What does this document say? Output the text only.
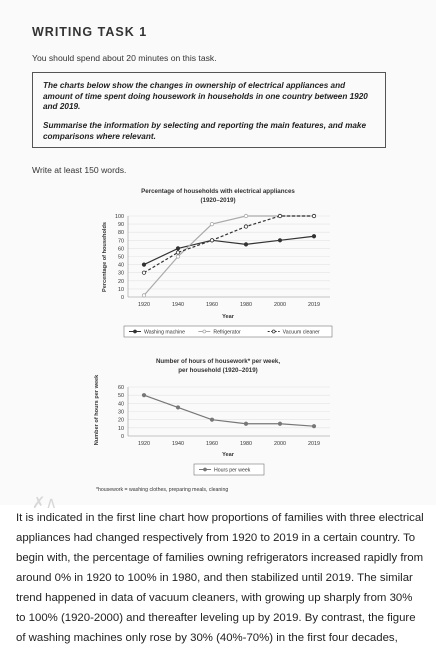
WRITING TASK 1
You should spend about 20 minutes on this task.

The charts below show the changes in ownership of electrical appliances and amount of time spent doing housework in households in one country between 1920 and 2019.

Summarise the information by selecting and reporting the main features, and make comparisons where relevant.

Write at least 150 words.
Percentage of households with electrical appliances
(1920–2019)
0
10
20
30
40
50
60
70
80
90
100
1920	1940	1960	1980	2000	2019
Year
Percentage of households
Washing machine	Refrigerator	Vacuum cleaner
Number of hours of housework* per week,
per household (1920–2019)
0
10
20
30
40
50
60
1920	1940	1960	1980	2000	2019
Year
Number of hours per week
Hours per week
*housework = washing clothes, preparing meals, cleaning
✗∧

It is indicated in the first line chart how proportions of families with three electrical appliances had changed respectively from 1920 to 2019 in a certain country. To begin with, the percentage of families owning refrigerators increased rapidly from around 0% in 1920 to 100% in 1980, and then stabilized until 2019. The similar trend happened in data of vacuum cleaners, with growing up sharply from 30% to 100% (1920-2000) and thereafter leveling up by 2019. By contrast, the figure of washing machines only rose by 30% (40%-70%) in the first four decades,
